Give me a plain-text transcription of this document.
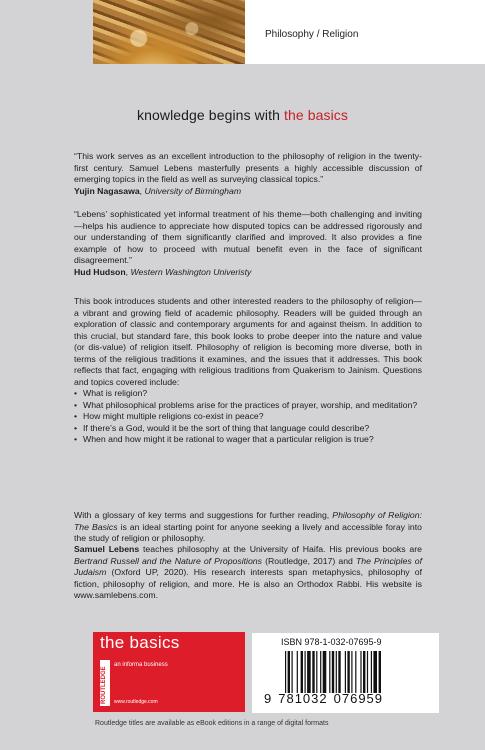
Philosophy / Religion
knowledge begins with the basics

“This work serves as an excellent introduction to the philosophy of religion in the twenty-first century. Samuel Lebens masterfully presents a highly accessible discussion of emerging topics in the field as well as surveying classical topics.”

Yujin Nagasawa, University of Birmingham

“Lebens’ sophisticated yet informal treatment of his theme—both challenging and inviting—helps his audience to appreciate how disputed topics can be addressed rigorously and our understanding of them significantly clarified and improved. It also provides a fine example of how to proceed with mutual benefit even in the face of significant disagreement.”

Hud Hudson, Western Washington Univeristy

This book introduces students and other interested readers to the philosophy of religion—a vibrant and growing field of academic philosophy. Readers will be guided through an exploration of classic and contemporary arguments for and against theism. In addition to this crucial, but standard fare, this book looks to probe deeper into the nature and value (or dis-value) of religion itself. Philosophy of religion is becoming more diverse, both in terms of the religious traditions it examines, and the issues that it addresses. This book reflects that fact, engaging with religious traditions from Quakerism to Jainism. Questions and topics covered include:

• What is religion?
• What philosophical problems arise for the practices of prayer, worship, and meditation?
• How might multiple religions co-exist in peace?
• If there’s a God, would it be the sort of thing that language could describe?
• When and how might it be rational to wager that a particular religion is true?

With a glossary of key terms and suggestions for further reading, Philosophy of Religion: The Basics is an ideal starting point for anyone seeking a lively and accessible foray into the study of religion or philosophy.

Samuel Lebens teaches philosophy at the University of Haifa. His previous books are Bertrand Russell and the Nature of Propositions (Routledge, 2017) and The Principles of Judaism (Oxford UP, 2020). His research interests span metaphysics, philosophy of fiction, philosophy of religion, and more. He is also an Orthodox Rabbi. His website is www.samlebens.com.

the basics
ROUTLEDGE
an informa business
www.routledge.com
ISBN 978-1-032-07695-9
9 781032 076959
Routledge titles are available as eBook editions in a range of digital formats
